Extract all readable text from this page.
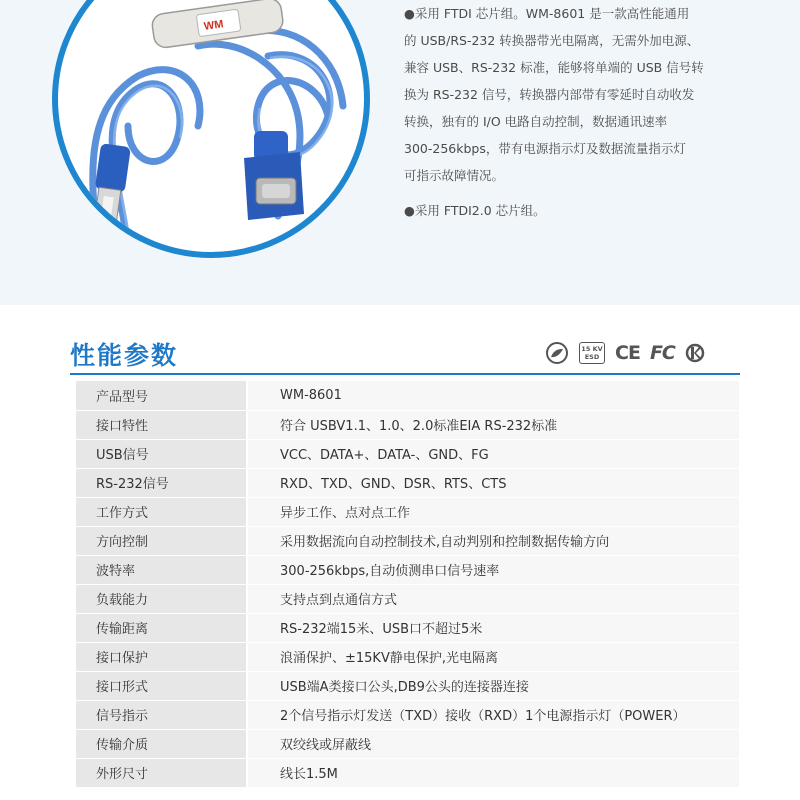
WM

●采用 FTDI 芯片组。WM-8601 是一款高性能通用

的 USB/RS-232 转换器带光电隔离，无需外加电源、

兼容 USB、RS-232 标准，能够将单端的 USB 信号转

换为 RS-232 信号，转换器内部带有零延时自动收发

转换，独有的 I/O 电路自动控制，数据通讯速率

300-256kbps，带有电源指示灯及数据流量指示灯

可指示故障情况。

●采用 FTDI2.0 芯片组。

性能参数	15 KV
ESD CE FC
产品型号	WM-8601
接口特性	符合 USBV1.1、1.0、2.0标准EIA RS-232标准
USB信号	VCC、DATA+、DATA-、GND、FG
RS-232信号	RXD、TXD、GND、DSR、RTS、CTS
工作方式	异步工作、点对点工作
方向控制	采用数据流向自动控制技术,自动判别和控制数据传输方向
波特率	300-256kbps,自动侦测串口信号速率
负载能力	支持点到点通信方式
传输距离	RS-232端15米、USB口不超过5米
接口保护	浪涌保护、±15KV静电保护,光电隔离
接口形式	USB端A类接口公头,DB9公头的连接器连接
信号指示	2个信号指示灯发送（TXD）接收（RXD）1个电源指示灯（POWER）
传输介质	双绞线或屏蔽线
外形尺寸	线长1.5M
